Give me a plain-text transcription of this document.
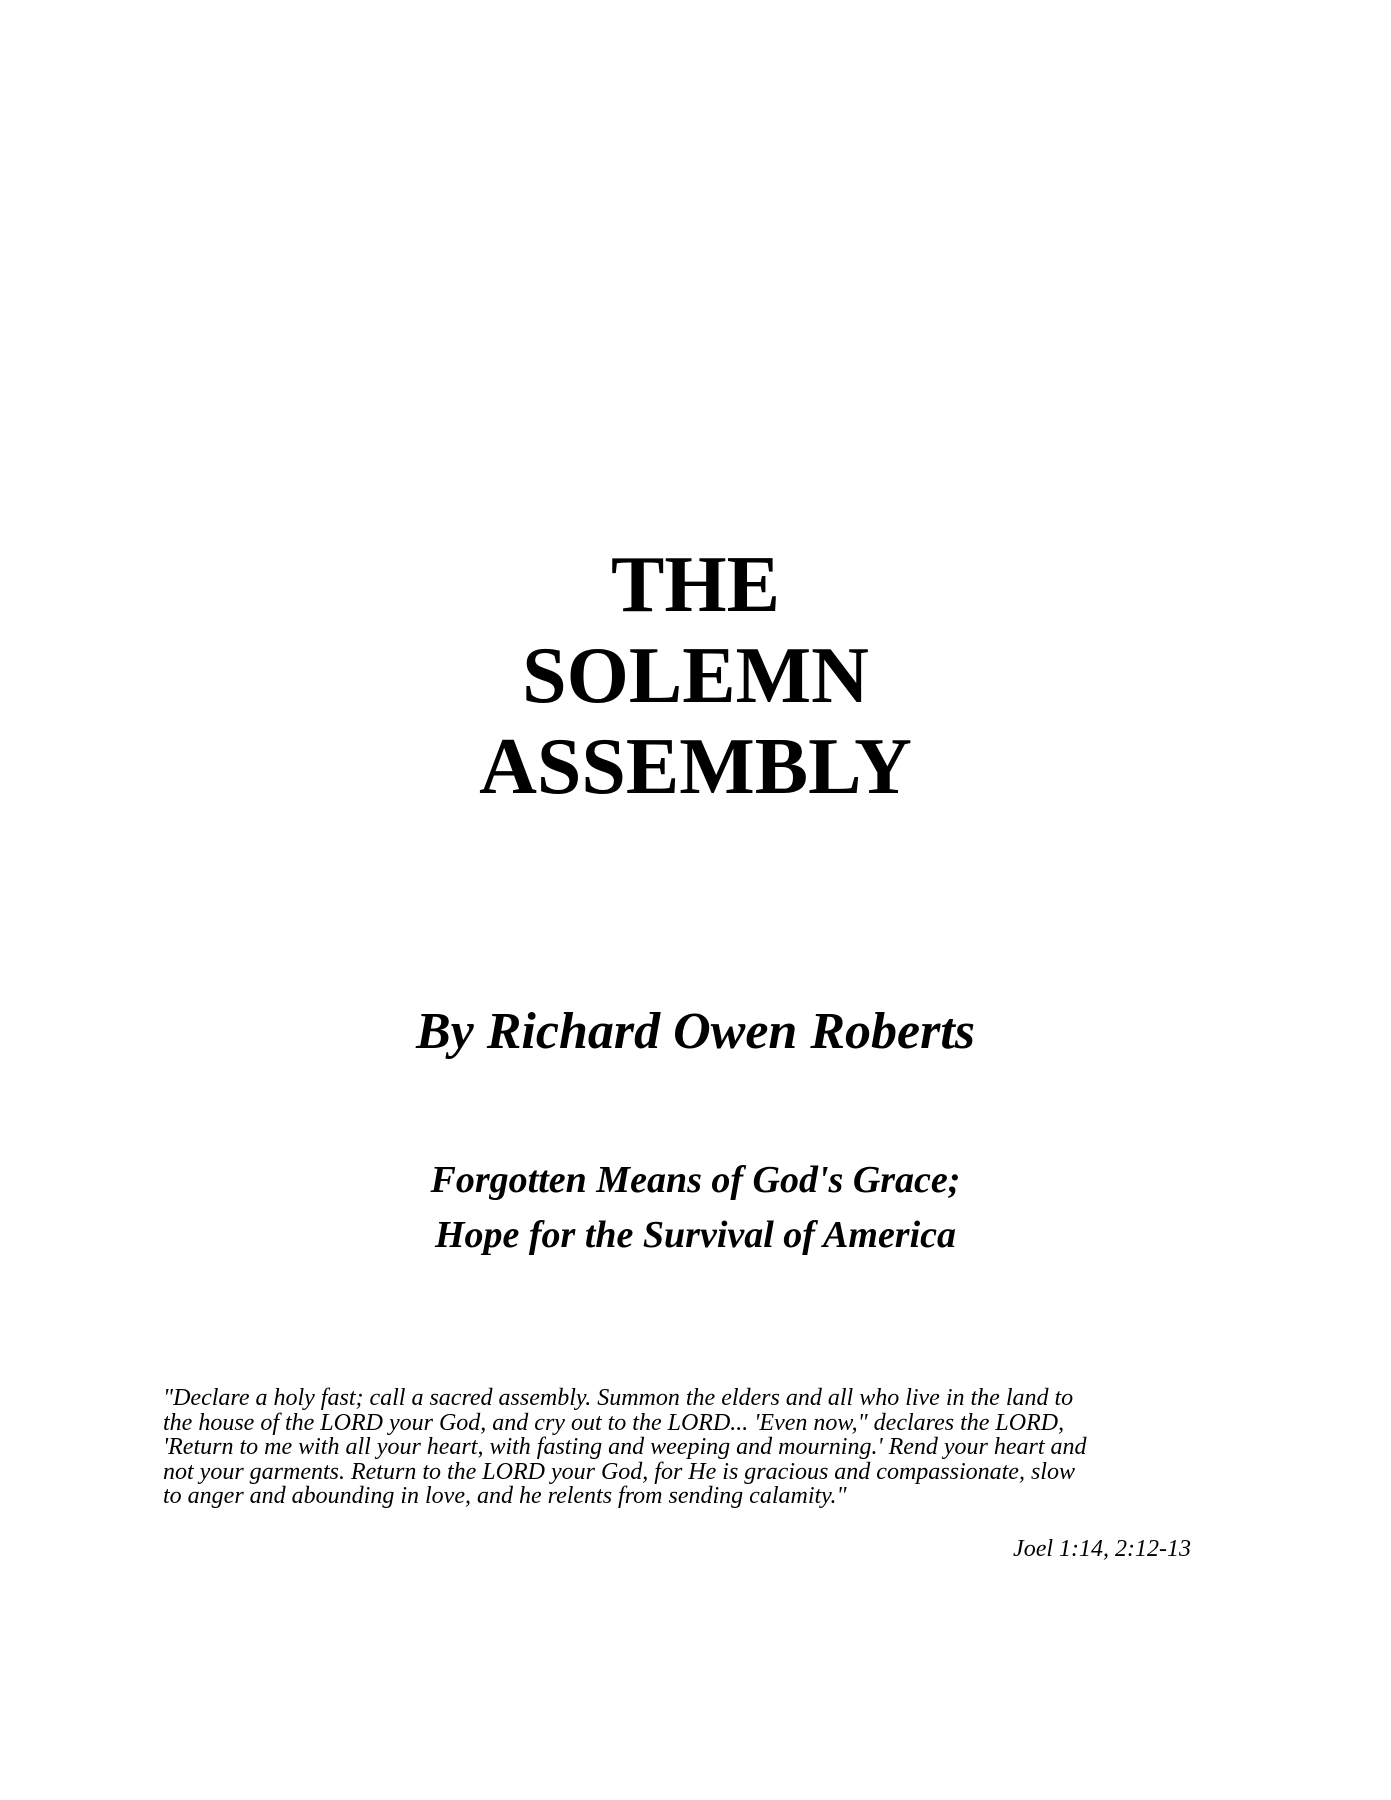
THE
SOLEMN
ASSEMBLY
By Richard Owen Roberts
Forgotten Means of God's Grace;
Hope for the Survival of America
"Declare a holy fast; call a sacred assembly. Summon the elders and all who live in the land to
the house of the LORD your God, and cry out to the LORD... 'Even now," declares the LORD,
'Return to me with all your heart, with fasting and weeping and mourning.' Rend your heart and
not your garments. Return to the LORD your God, for He is gracious and compassionate, slow
to anger and abounding in love, and he relents from sending calamity."
Joel 1:14, 2:12-13
